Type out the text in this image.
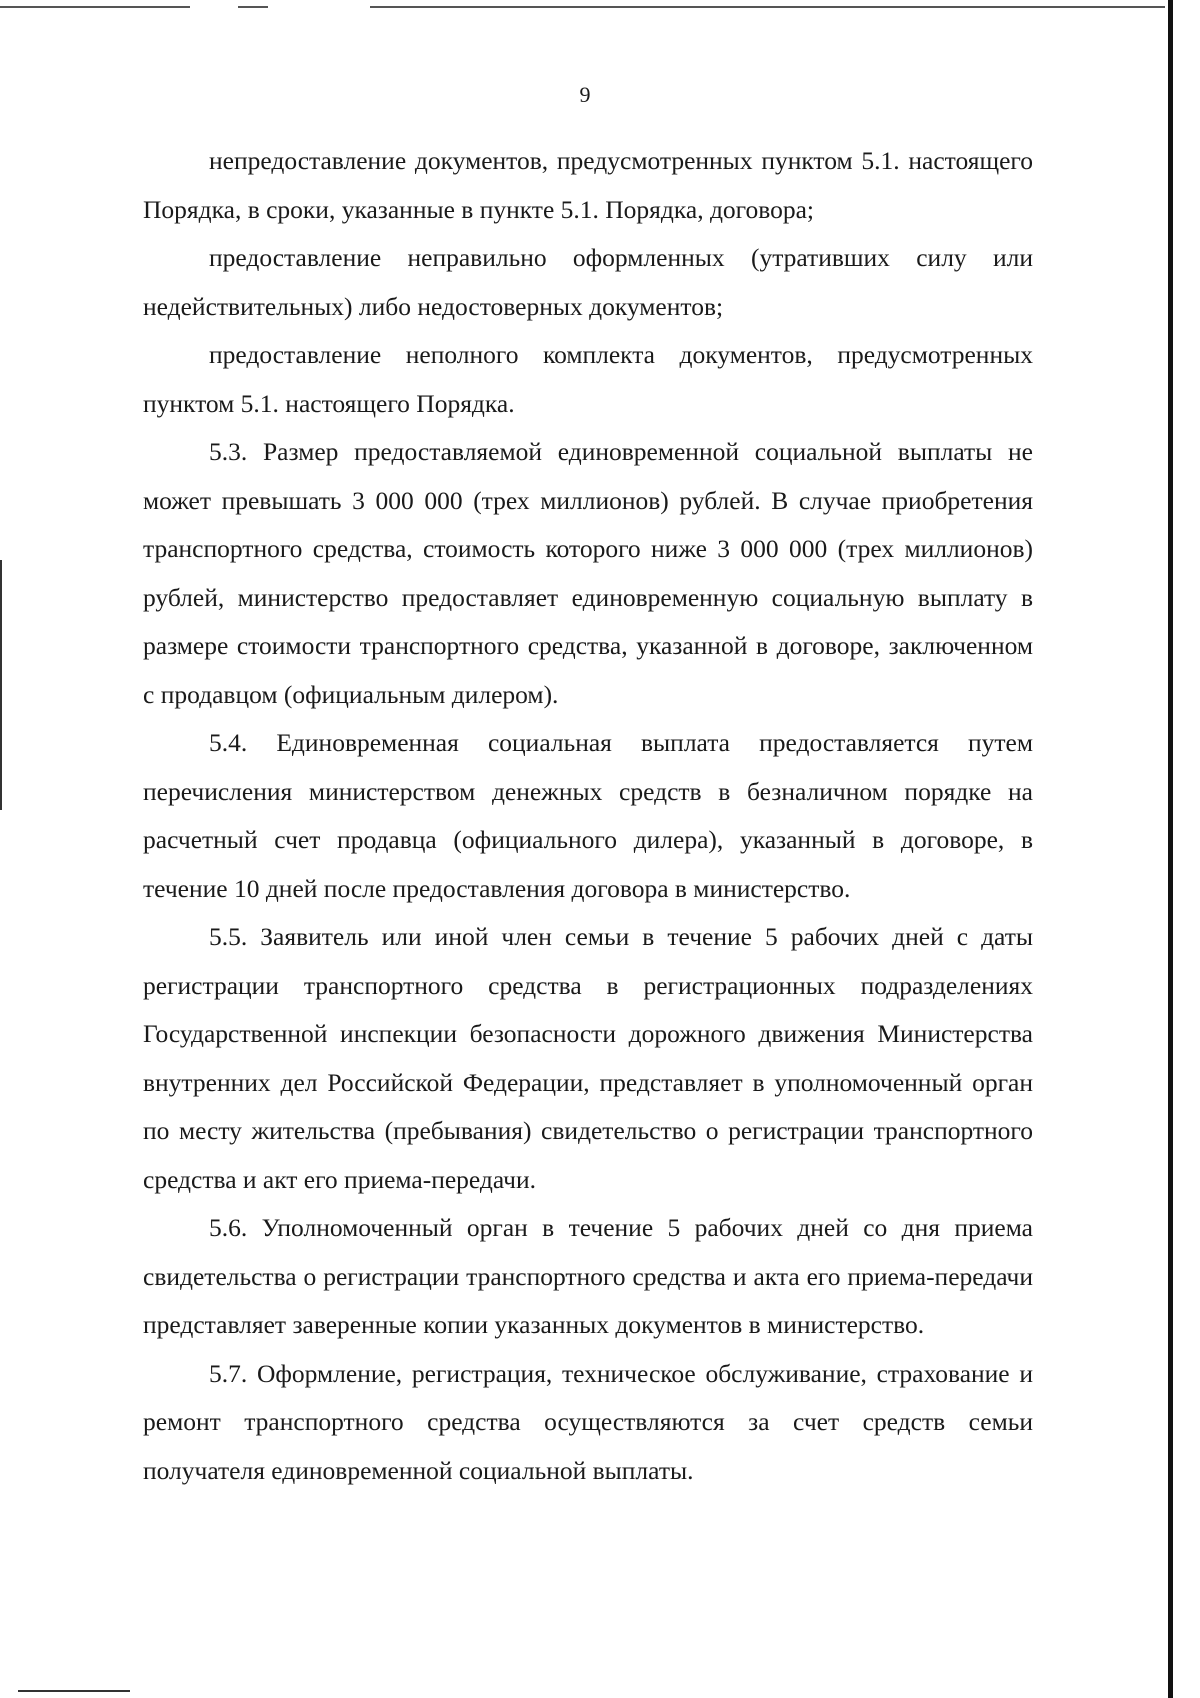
9

непредоставление документов, предусмотренных пунктом 5.1. настоящего Порядка, в сроки, указанные в пункте 5.1. Порядка, договора;

предоставление неправильно оформленных (утративших силу или недействительных) либо недостоверных документов;

предоставление неполного комплекта документов, предусмотренных пунктом 5.1. настоящего Порядка.

5.3. Размер предоставляемой единовременной социальной выплаты не может превышать 3 000 000 (трех миллионов) рублей. В случае приобретения транспортного средства, стоимость которого ниже 3 000 000 (трех миллионов) рублей, министерство предоставляет единовременную социальную выплату в размере стоимости транспортного средства, указанной в договоре, заключенном с продавцом (официальным дилером).

5.4. Единовременная социальная выплата предоставляется путем перечисления министерством денежных средств в безналичном порядке на расчетный счет продавца (официального дилера), указанный в договоре, в течение 10 дней после предоставления договора в министерство.

5.5. Заявитель или иной член семьи в течение 5 рабочих дней с даты регистрации транспортного средства в регистрационных подразделениях Государственной инспекции безопасности дорожного движения Министерства внутренних дел Российской Федерации, представляет в уполномоченный орган по месту жительства (пребывания) свидетельство о регистрации транспортного средства и акт его приема-передачи.

5.6. Уполномоченный орган в течение 5 рабочих дней со дня приема свидетельства о регистрации транспортного средства и акта его приема-передачи представляет заверенные копии указанных документов в министерство.

5.7. Оформление, регистрация, техническое обслуживание, страхование и ремонт транспортного средства осуществляются за счет средств семьи получателя единовременной социальной выплаты.
